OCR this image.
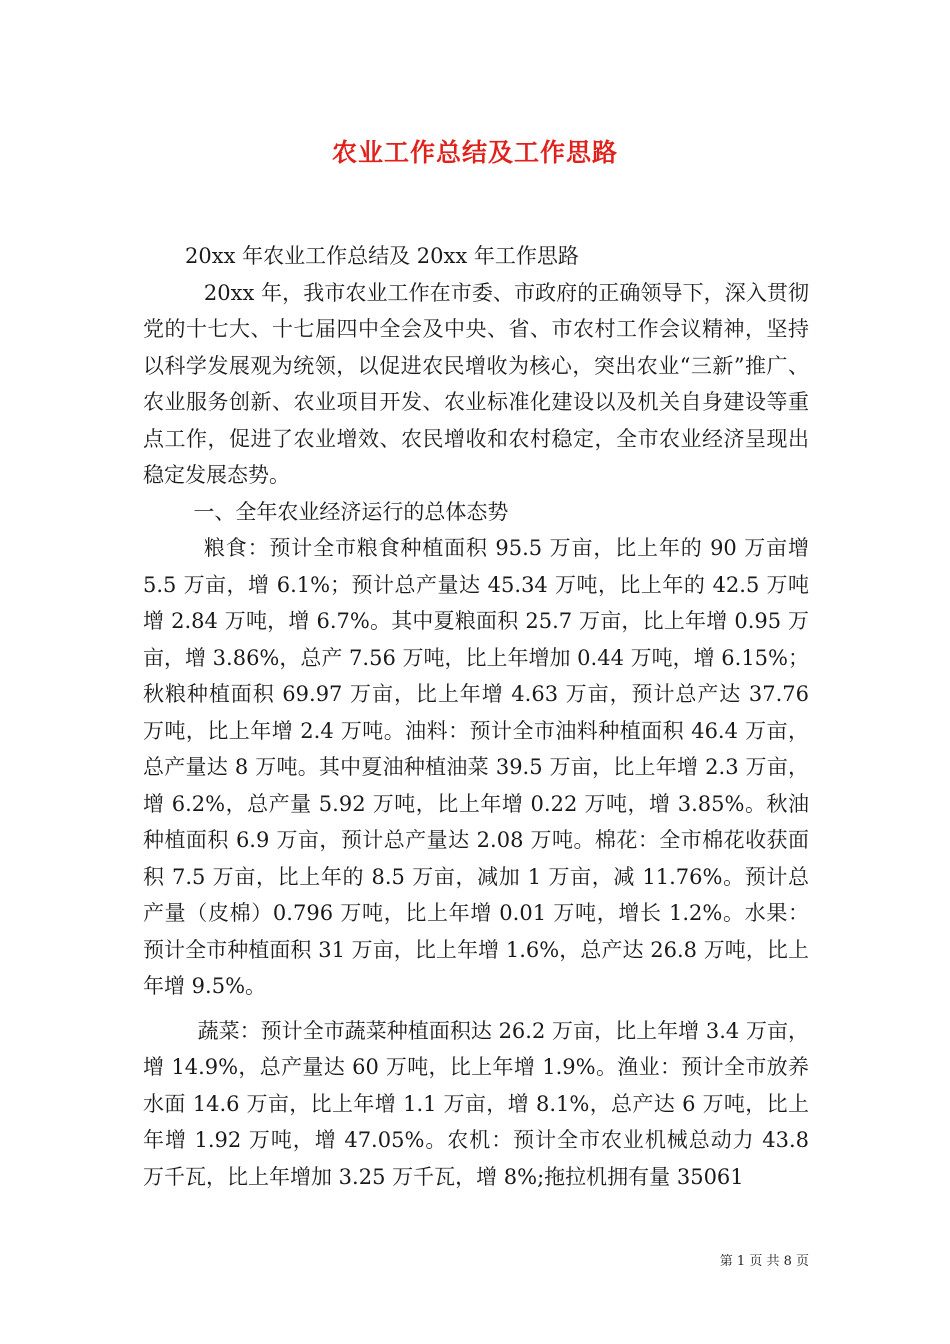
农业工作总结及工作思路

20xx 年农业工作总结及 20xx 年工作思路

20xx 年，我市农业工作在市委、市政府的正确领导下，深入贯彻党的十七大、十七届四中全会及中央、省、市农村工作会议精神，坚持以科学发展观为统领，以促进农民增收为核心，突出农业“三新”推广、农业服务创新、农业项目开发、农业标准化建设以及机关自身建设等重点工作，促进了农业增效、农民增收和农村稳定，全市农业经济呈现出稳定发展态势。

一、全年农业经济运行的总体态势

粮食：预计全市粮食种植面积 95.5 万亩，比上年的 90 万亩增 5.5 万亩，增 6.1%；预计总产量达 45.34 万吨，比上年的 42.5 万吨增 2.84 万吨，增 6.7%。其中夏粮面积 25.7 万亩，比上年增 0.95 万亩，增 3.86%，总产 7.56 万吨，比上年增加 0.44 万吨，增 6.15%；秋粮种植面积 69.97 万亩，比上年增 4.63 万亩，预计总产达 37.76 万吨，比上年增 2.4 万吨。油料：预计全市油料种植面积 46.4 万亩，总产量达 8 万吨。其中夏油种植油菜 39.5 万亩，比上年增 2.3 万亩，增 6.2%，总产量 5.92 万吨，比上年增 0.22 万吨，增 3.85%。秋油种植面积 6.9 万亩，预计总产量达 2.08 万吨。棉花：全市棉花收获面积 7.5 万亩，比上年的 8.5 万亩，减加 1 万亩，减 11.76%。预计总产量（皮棉）0.796 万吨，比上年增 0.01 万吨，增长 1.2%。水果：预计全市种植面积 31 万亩，比上年增 1.6%，总产达 26.8 万吨，比上年增 9.5%。

蔬菜：预计全市蔬菜种植面积达 26.2 万亩，比上年增 3.4 万亩，增 14.9%，总产量达 60 万吨，比上年增 1.9%。渔业：预计全市放养水面 14.6 万亩，比上年增 1.1 万亩，增 8.1%，总产达 6 万吨，比上年增 1.92 万吨，增 47.05%。农机：预计全市农业机械总动力 43.8 万千瓦，比上年增加 3.25 万千瓦，增 8%;拖拉机拥有量 35061

第 1 页 共 8 页
